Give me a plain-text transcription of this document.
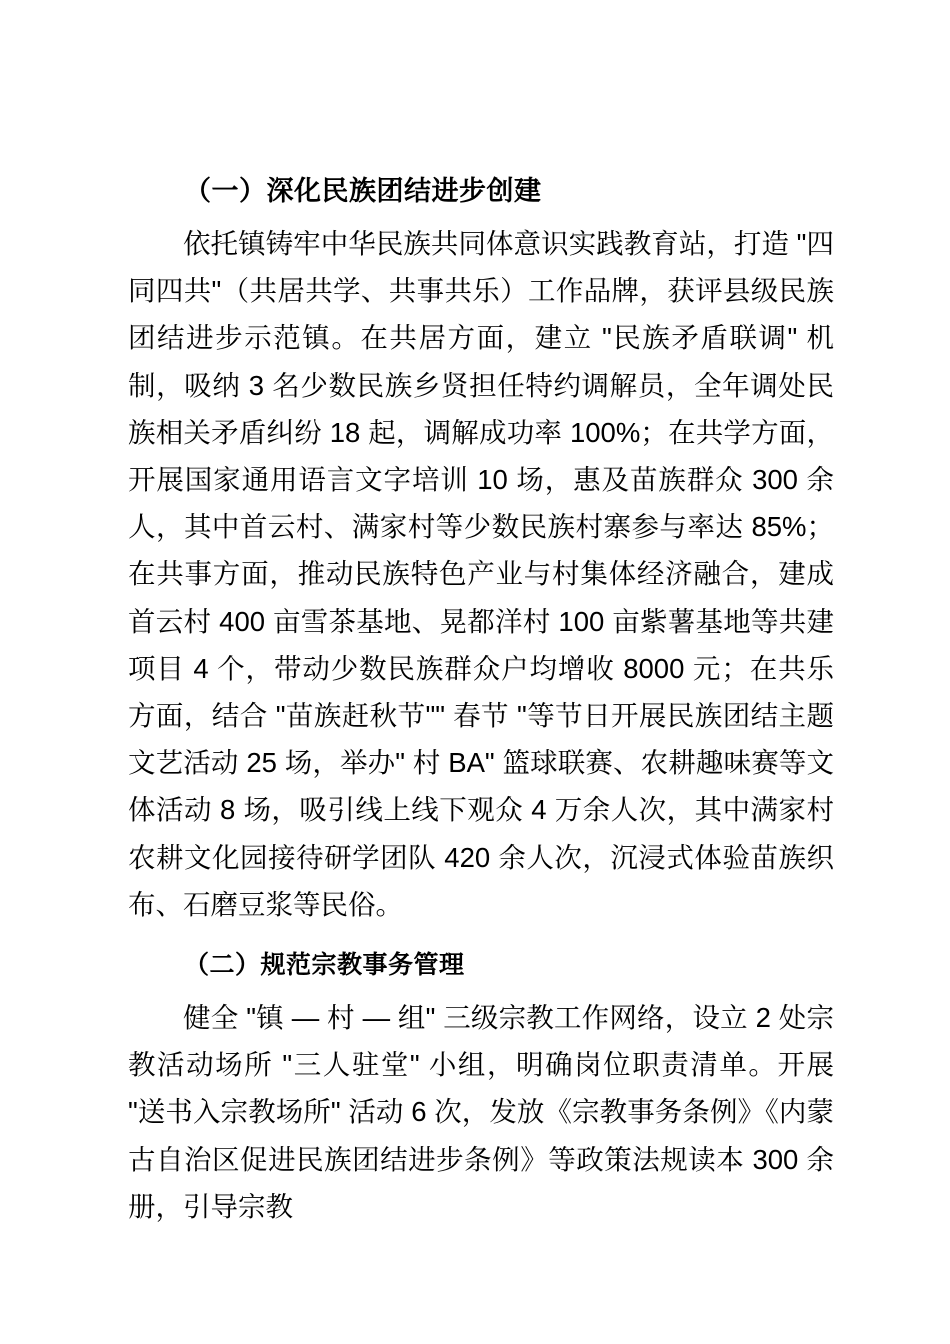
（一）深化民族团结进步创建

依托镇铸牢中华民族共同体意识实践教育站，打造 "四同四共"（共居共学、共事共乐）工作品牌，获评县级民族团结进步示范镇。在共居方面，建立 "民族矛盾联调" 机制，吸纳 3 名少数民族乡贤担任特约调解员，全年调处民族相关矛盾纠纷 18 起，调解成功率 100%；在共学方面，开展国家通用语言文字培训 10 场，惠及苗族群众 300 余人，其中首云村、满家村等少数民族村寨参与率达 85%；在共事方面，推动民族特色产业与村集体经济融合，建成首云村 400 亩雪茶基地、晃都洋村 100 亩紫薯基地等共建项目 4 个，带动少数民族群众户均增收 8000 元；在共乐方面，结合 "苗族赶秋节"" 春节 "等节日开展民族团结主题文艺活动 25 场，举办" 村 BA" 篮球联赛、农耕趣味赛等文体活动 8 场，吸引线上线下观众 4 万余人次，其中满家村农耕文化园接待研学团队 420 余人次，沉浸式体验苗族织布、石磨豆浆等民俗。

（二）规范宗教事务管理

健全 "镇 — 村 — 组" 三级宗教工作网络，设立 2 处宗教活动场所 "三人驻堂" 小组，明确岗位职责清单。开展 "送书入宗教场所" 活动 6 次，发放《宗教事务条例》《内蒙古自治区促进民族团结进步条例》等政策法规读本 300 余册，引导宗教
